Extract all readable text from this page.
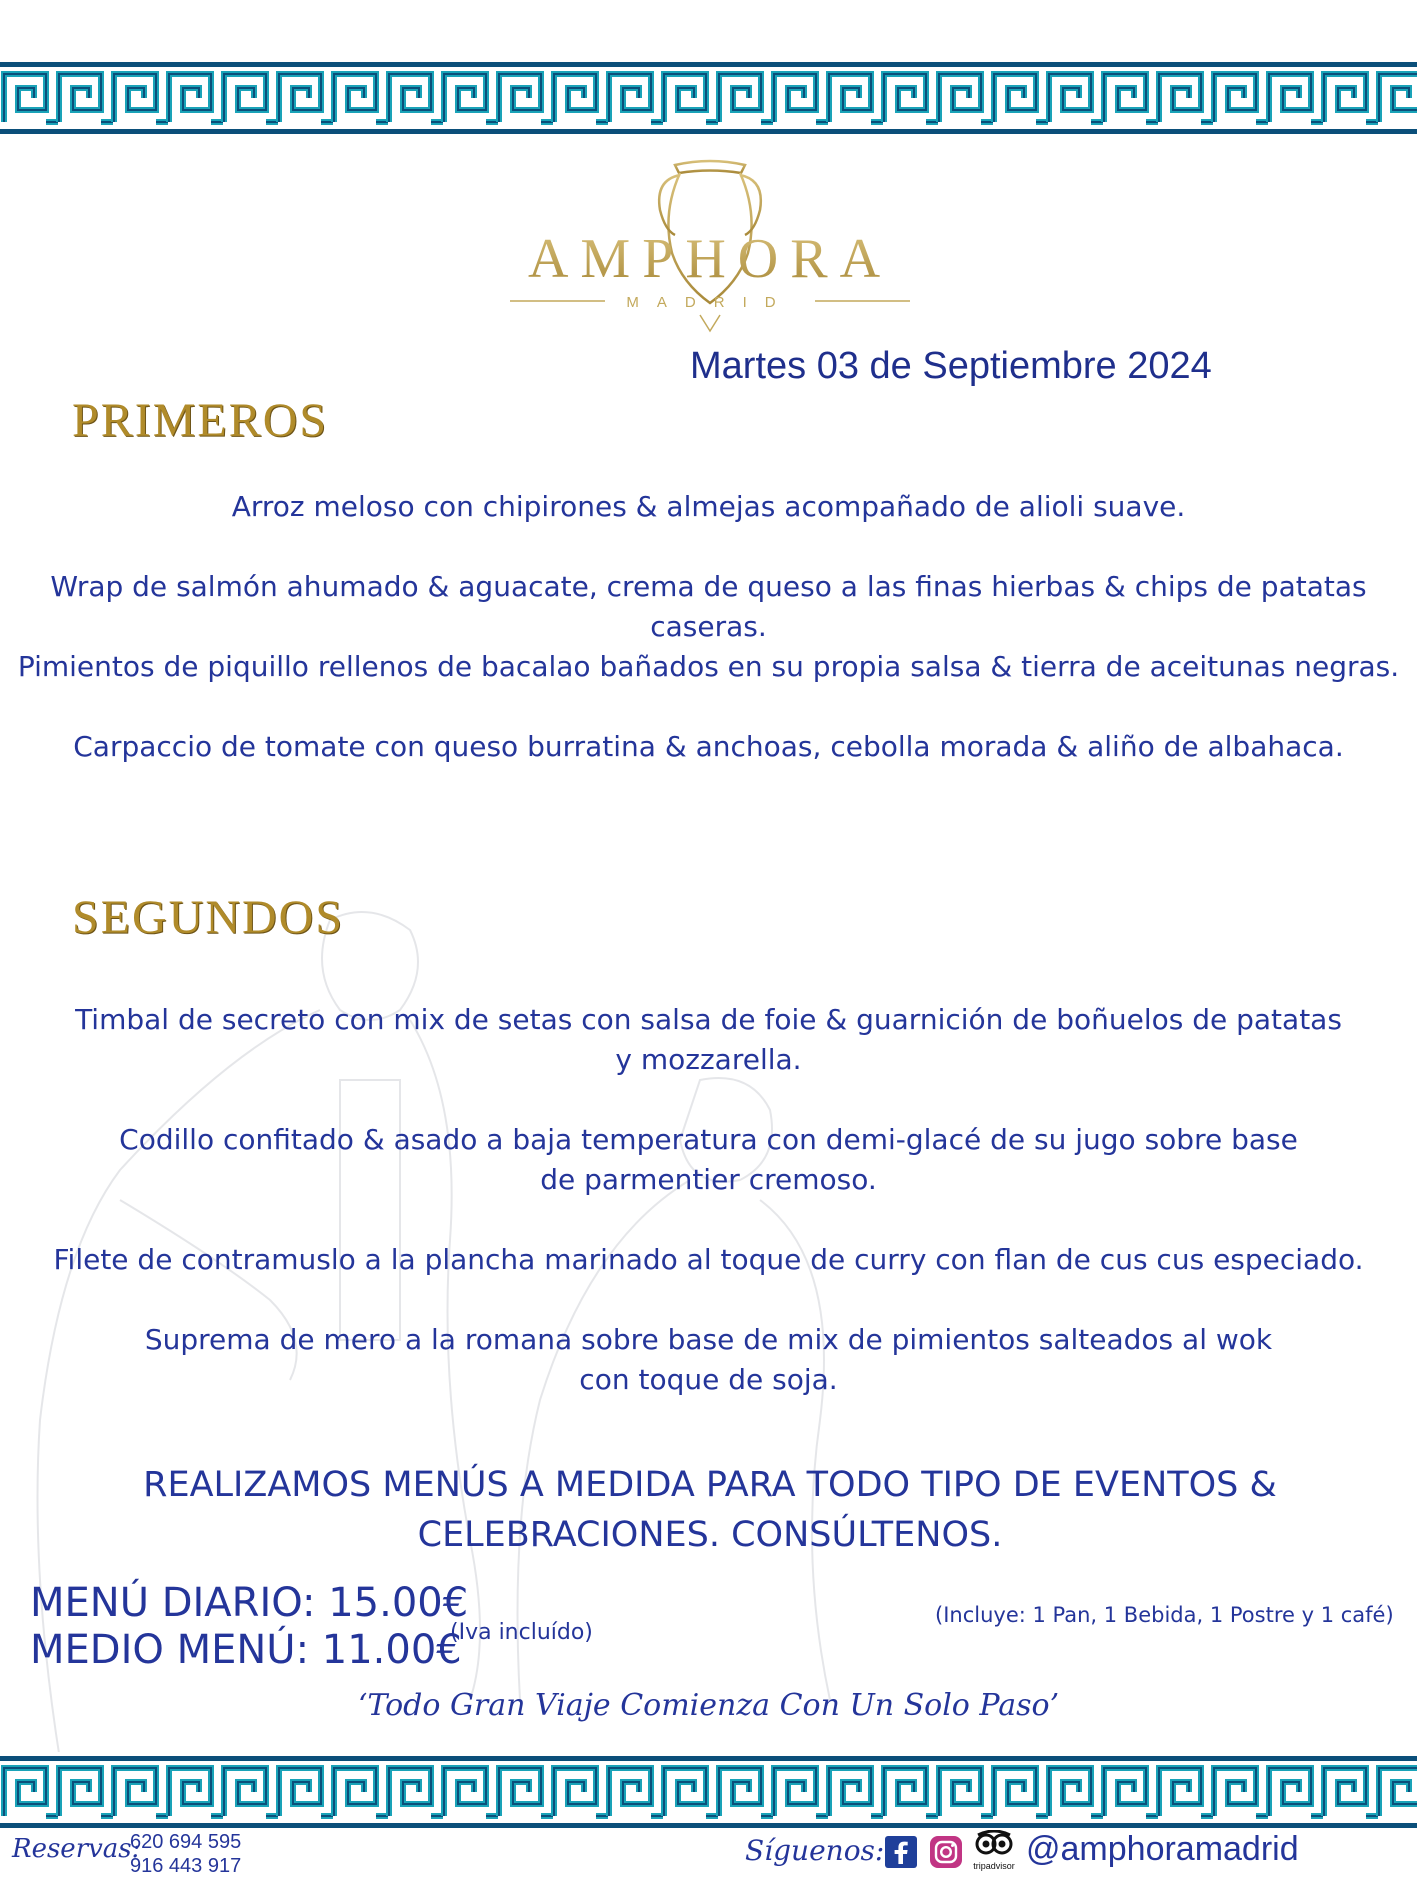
AMPHORA
MADRID
Martes 03 de Septiembre 2024
PRIMEROS
Arroz meloso con chipirones & almejas acompañado de alioli suave.
Wrap de salmón ahumado & aguacate, crema de queso a las finas hierbas & chips de patatas caseras.
Pimientos de piquillo rellenos de bacalao bañados en su propia salsa & tierra de aceitunas negras.
Carpaccio de tomate con queso burratina & anchoas, cebolla morada & aliño de albahaca.
SEGUNDOS
Timbal de secreto con mix de setas con salsa de foie & guarnición de boñuelos de patatas
y mozzarella.
Codillo confitado & asado a baja temperatura con demi-glacé de su jugo sobre base
de parmentier cremoso.
Filete de contramuslo a la plancha marinado al toque de curry con flan de cus cus especiado.
Suprema de mero a la romana sobre base de mix de pimientos salteados al wok
con toque de soja.
REALIZAMOS MENÚS A MEDIDA PARA TODO TIPO DE EVENTOS &
CELEBRACIONES. CONSÚLTENOS.
MENÚ DIARIO: 15.00€
MEDIO MENÚ: 11.00€
(Iva incluído)
(Incluye: 1 Pan, 1 Bebida, 1 Postre y 1 café)
‘Todo Gran Viaje Comienza Con Un Solo Paso’
Reservas:
620 694 595
916 443 917	Síguenos:	tripadvisor @amphoramadrid
